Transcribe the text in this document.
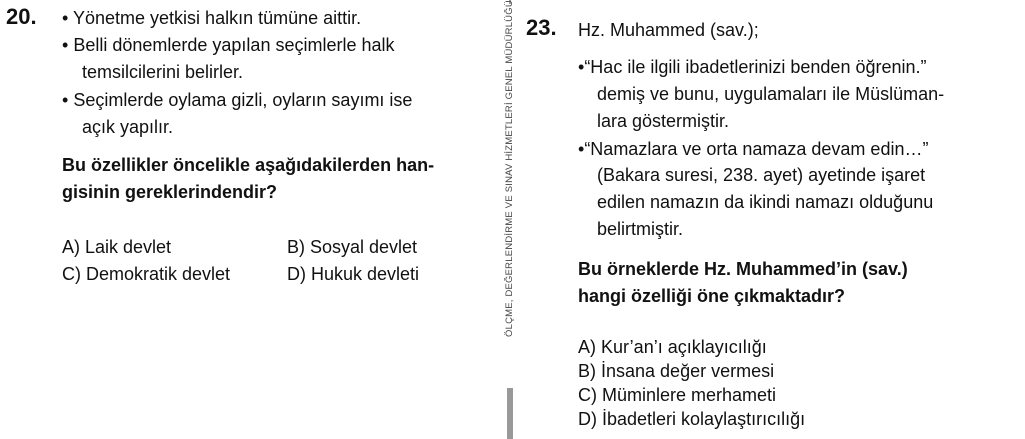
20. • Yönetme yetkisi halkın tümüne aittir.
• Belli dönemlerde yapılan seçimlerle halk
temsilcilerini belirler.
• Seçimlerde oylama gizli, oyların sayımı ise
açık yapılır.
Bu özellikler öncelikle aşağıdakilerden han-
gisinin gereklerindendir?
A) Laik devlet	B) Sosyal devlet
C) Demokratik devlet	D) Hukuk devleti	ÖLÇME, DEĞERLENDİRME VE SINAV HİZMETLERİ GENEL MÜDÜRLÜĞÜ 23. Hz. Muhammed (sav.);
•“Hac ile ilgili ibadetlerinizi benden öğrenin.”
demiş ve bunu, uygulamaları ile Müslüman-
lara göstermiştir.
•“Namazlara ve orta namaza devam edin…”
(Bakara suresi, 238. ayet) ayetinde işaret
edilen namazın da ikindi namazı olduğunu
belirtmiştir.
Bu örneklerde Hz. Muhammed’in (sav.)
hangi özelliği öne çıkmaktadır?
A) Kur’an’ı açıklayıcılığı
B) İnsana değer vermesi
C) Müminlere merhameti
D) İbadetleri kolaylaştırıcılığı
